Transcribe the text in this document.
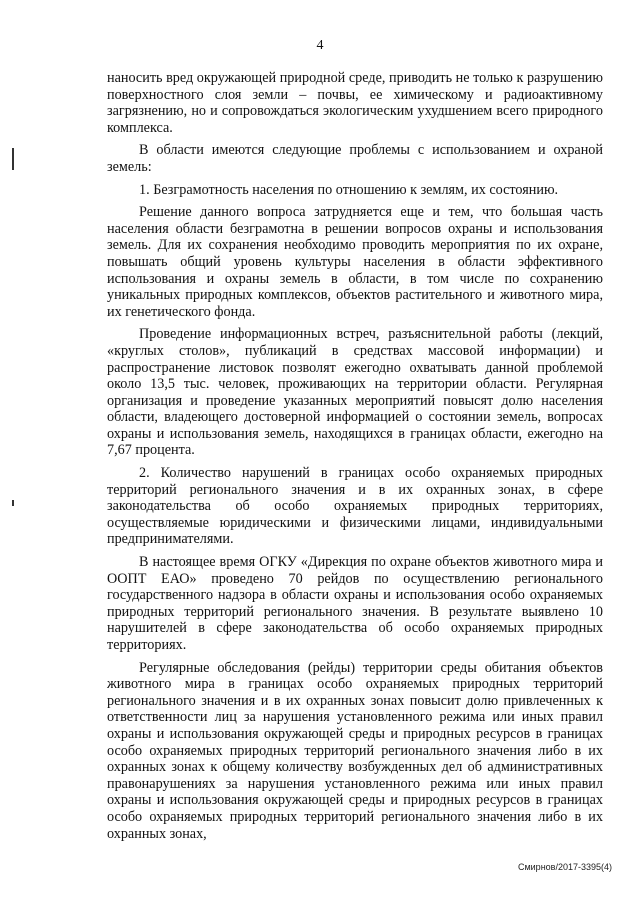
4

наносить вред окружающей природной среде, приводить не только к разрушению поверхностного слоя земли – почвы, ее химическому и радиоактивному загрязнению, но и сопровождаться экологическим ухудшением всего природного комплекса.

В области имеются следующие проблемы с использованием и охраной земель:

1. Безграмотность населения по отношению к землям, их состоянию.

Решение данного вопроса затрудняется еще и тем, что большая часть населения области безграмотна в решении вопросов охраны и использования земель. Для их сохранения необходимо проводить мероприятия по их охране, повышать общий уровень культуры населения в области эффективного использования и охраны земель в области, в том числе по сохранению уникальных природных комплексов, объектов растительного и животного мира, их генетического фонда.

Проведение информационных встреч, разъяснительной работы (лекций, «круглых столов», публикаций в средствах массовой информации) и распространение листовок позволят ежегодно охватывать данной проблемой около 13,5 тыс. человек, проживающих на территории области. Регулярная организация и проведение указанных мероприятий повысят долю населения области, владеющего достоверной информацией о состоянии земель, вопросах охраны и использования земель, находящихся в границах области, ежегодно на 7,67 процента.

2. Количество нарушений в границах особо охраняемых природных территорий регионального значения и в их охранных зонах, в сфере законодательства об особо охраняемых природных территориях, осуществляемые юридическими и физическими лицами, индивидуальными предпринимателями.

В настоящее время ОГКУ «Дирекция по охране объектов животного мира и ООПТ ЕАО» проведено 70 рейдов по осуществлению регионального государственного надзора в области охраны и использования особо охраняемых природных территорий регионального значения. В результате выявлено 10 нарушителей в сфере законодательства об особо охраняемых природных территориях.

Регулярные обследования (рейды) территории среды обитания объектов животного мира в границах особо охраняемых природных территорий регионального значения и в их охранных зонах повысит долю привлеченных к ответственности лиц за нарушения установленного режима или иных правил охраны и использования окружающей среды и природных ресурсов в границах особо охраняемых природных территорий регионального значения либо в их охранных зонах к общему количеству возбужденных дел об административных правонарушениях за нарушения установленного режима или иных правил охраны и использования окружающей среды и природных ресурсов в границах особо охраняемых природных территорий регионального значения либо в их охранных зонах,

Смирнов/2017-3395(4)
